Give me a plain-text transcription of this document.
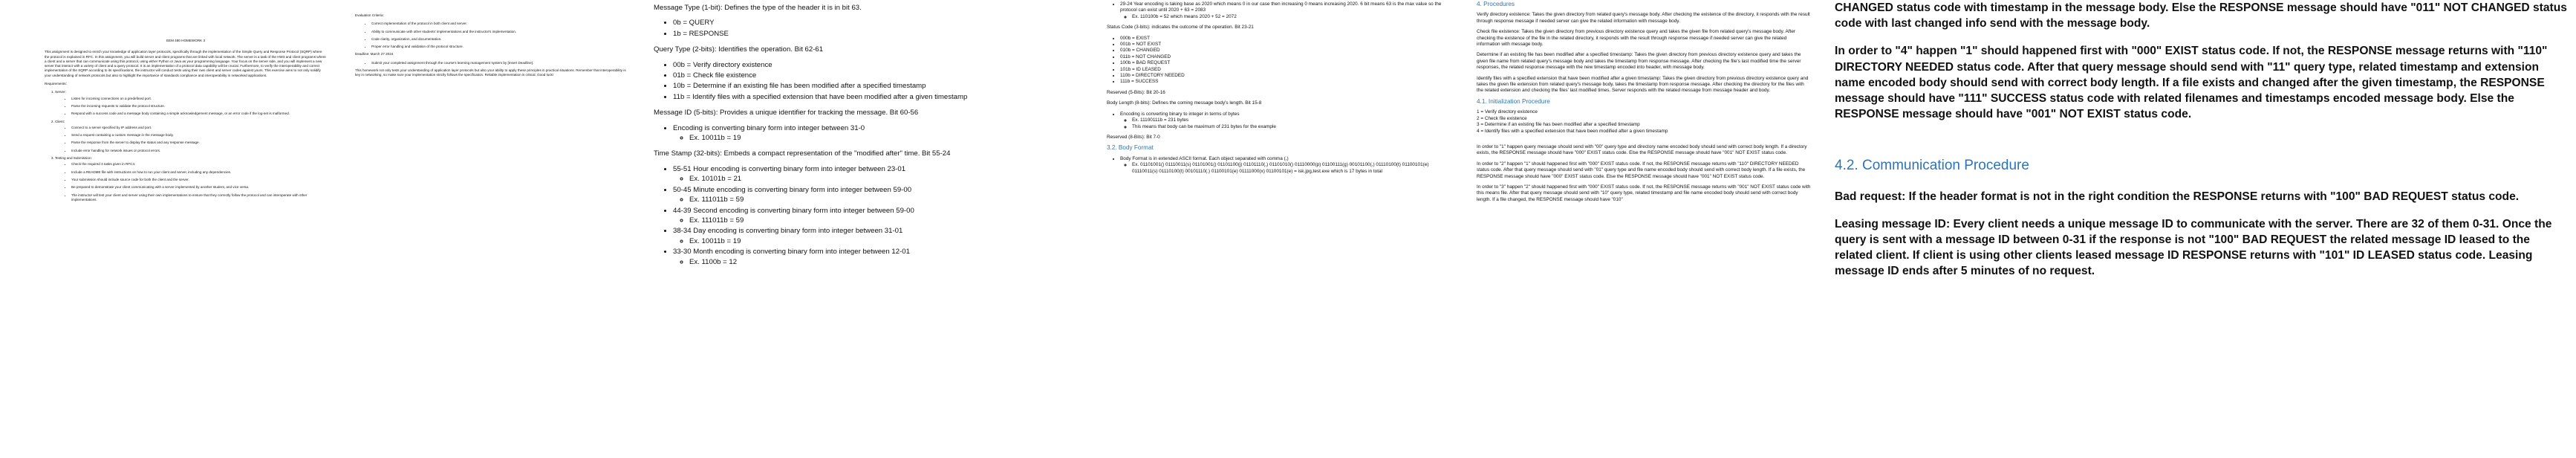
EEM 480 HOMEWORK 3

This assignment is designed to enrich your knowledge of application layer protocols, specifically through the implementation of the Simple Query and Response Protocol (SQRP) where the protocol is explained in RFC. In this assignment, you will build server and client programs that are linked with local network. The server is a task of the HW3 and client programs where a client and a server that can communicate using this protocol, using either Python or Java as your programming language. Your focus on the server side, and you will implement a new server that interact with a variety of client and a query protocol. It is an implementation of a protocol data capability will be crucial. Furthermore, to verify the interoperability and correct implementation of the SQRP according to its specifications, the instructor will conduct tests using their own client and server codes against yours. This exercise aims to not only solidify your understanding of network protocols but also to highlight the importance of standards compliance and interoperability in networked applications.

Requirements:

1. Server:
• Listen for incoming connections on a predefined port.
• Parse the incoming requests to validate the protocol structure.
• Respond with a success code and a message body containing a simple acknowledgement message, or an error code if the log-set is malformed.
2. Client:
• Connect to a server specified by IP address and port.
• Send a request containing a custom message in the message body.
• Parse the response from the server to display the status and any response message.
• Include error handling for network issues or protocol errors.
3. Testing and Submission:
• Check the required 4 tasks given in RFC4.
• Include a README file with instructions on how to run your client and server, including any dependencies.
• Your submission should include source code for both the client and the server.
• Be prepared to demonstrate your client communicating with a server implemented by another student, and vice versa.
• The instructor will test your client and server using their own implementations to ensure that they correctly follow the protocol and can interoperate with other implementations.

Evaluation Criteria:

• Correct implementation of the protocol in both client and server.
• Ability to communicate with other students' implementations and the instructor's implementation.
• Code clarity, organization, and documentation.
• Proper error handling and validation of the protocol structure.

Deadline: March 27 2024

• Submit your completed assignment through the course's learning management system by [Insert Deadline].

This homework not only tests your understanding of application layer protocols but also your ability to apply these principles in practical situations. Remember that interoperability is key in networking, so make sure your implementation strictly follows the specification. Reliable implementation is critical. Good luck!

Message Type (1-bit): Defines the type of the header it is in bit 63.

• 0b = QUERY
• 1b = RESPONSE

Query Type (2-bits): Identifies the operation. Bit 62-61

• 00b = Verify directory existence
• 01b = Check file existence
• 10b = Determine if an existing file has been modified after a specified timestamp
• 11b = Identify files with a specified extension that have been modified after a given timestamp

Message ID (5-bits): Provides a unique identifier for tracking the message. Bit 60-56

• Encoding is converting binary form into integer between 31-0
◦ Ex. 10011b = 19

Time Stamp (32-bits): Embeds a compact representation of the "modified after" time. Bit 55-24

• 55-51 Hour encoding is converting binary form into integer between 23-01
◦ Ex. 10101b = 21
• 50-45 Minute encoding is converting binary form into integer between 59-00
◦ Ex. 111011b = 59
• 44-39 Second encoding is converting binary form into integer between 59-00
◦ Ex. 111011b = 59
• 38-34 Day encoding is converting binary form into integer between 31-01
◦ Ex. 10011b = 19
• 33-30 Month encoding is converting binary form into integer between 12-01
◦ Ex. 1100b = 12
• 29-24 Year encoding is taking base as 2020 which means 0 in our case then increasing 0 means increasing 2020. 6 bit means 63 is the max value so the protocol can exist until 2020 + 63 = 2083
◦ Ex. 110100b = 52 which means 2020 + 52 = 2072

Status Code (3-bits): indicates the outcome of the operation. Bit 23-21

• 000b = EXIST
• 001b = NOT EXIST
• 010b = CHANGED
• 011b = NOT CHANGED
• 100b = BAD REQUEST
• 101b = ID LEASED
• 110b = DIRECTORY NEEDED
• 111b = SUCCESS

Reserved (5-Bits): Bit 20-16

Body Length (8-bits): Defines the coming message body's length. Bit 15-8

• Encoding is converting binary to integer in terms of bytes
◦ Ex. 11100111b = 231 bytes
◦ This means that body can be maximum of 231 bytes for the example

Reserved (8-Bits): Bit 7-0

3.2. Body Format

• Body Format is in extended ASCII format. Each object separated with comma (,)
◦ Ex. 01101001() 01110011(s) 01101001() 01101100(j) 01101110(,) 01101010() 01110000(p) 01100111(g) 00101100(,) 01110100(t) 01100101(e) 01110011(s) 01110100(t) 00101110(.) 01100101(e) 01111000(x) 01100101(e) = isk.jpg,test.exe which is 17 bytes in total

4. Procedures

Verify directory existence: Takes the given directory from related query's message body. After checking the existence of the directory, it responds with the result through response message if needed server can give the related information with message body.

Check file existence: Takes the given directory from previous directory existence query and takes the given file from related query's message body. After checking the existence of the file in the related directory, it responds with the result through response message if needed server can give the related information with message body.

Determine if an existing file has been modified after a specified timestamp: Takes the given directory from previous directory existence query and takes the given file name from related query's message body and takes the timestamp from response message. After checking the file's last modified time the server responses, the related response message with the new timestamp encoded into header, with message body.

Identify files with a specified extension that have been modified after a given timestamp: Takes the given directory from previous directory existence query and takes the given file extension from related query's message body, takes the timestamp from response message. After checking the directory for the files with the related extension and checking the files' last modified times. Server responds with the related message from message header and body.

4.1. Initialization Procedure

1 = Verify directory existence

2 = Check file existence

3 = Determine if an existing file has been modified after a specified timestamp

4 = Identify files with a specified extension that have been modified after a given timestamp

In order to "1" happen query message should send with "00" query type and directory name encoded body should send with correct body length. If a directory exists, the RESPONSE message should have "000" EXIST status code. Else the RESPONSE message should have "001" NOT EXIST status code.

In order to "2" happen "1" should happened first with "000" EXIST status code. If not, the RESPONSE message returns with "110" DIRECTORY NEEDED status code. After that query message should send with "01" query type and file name encoded body should send with correct body length. If a file exists, the RESPONSE message should have "000" EXIST status code. Else the RESPONSE message should have "001" NOT EXIST status code.

In order to "3" happen "2" should happened first with "000" EXIST status code. If not, the RESPONSE message returns with "001" NOT EXIST status code with this means file. After that query message should send with "10" query type, related timestamp and file name encoded body should send with correct body length. If a file changed, the RESPONSE message should have "010"

CHANGED status code with timestamp in the message body. Else the RESPONSE message should have "011" NOT CHANGED status code with last changed info send with the message body.

In order to "4" happen "1" should happened first with "000" EXIST status code. If not, the RESPONSE message returns with "110" DIRECTORY NEEDED status code. After that query message should send with "11" query type, related timestamp and extension name encoded body should send with correct body length. If a file exists and changed after the given timestamp, the RESPONSE message should have "111" SUCCESS status code with related filenames and timestamps encoded message body. Else the RESPONSE message should have "001" NOT EXIST status code.

4.2. Communication Procedure

Bad request: If the header format is not in the right condition the RESPONSE returns with "100" BAD REQUEST status code.

Leasing message ID: Every client needs a unique message ID to communicate with the server. There are 32 of them 0-31. Once the query is sent with a message ID between 0-31 if the response is not "100" BAD REQUEST the related message ID leased to the related client. If client is using other clients leased message ID RESPONSE returns with "101" ID LEASED status code. Leasing message ID ends after 5 minutes of no request.
